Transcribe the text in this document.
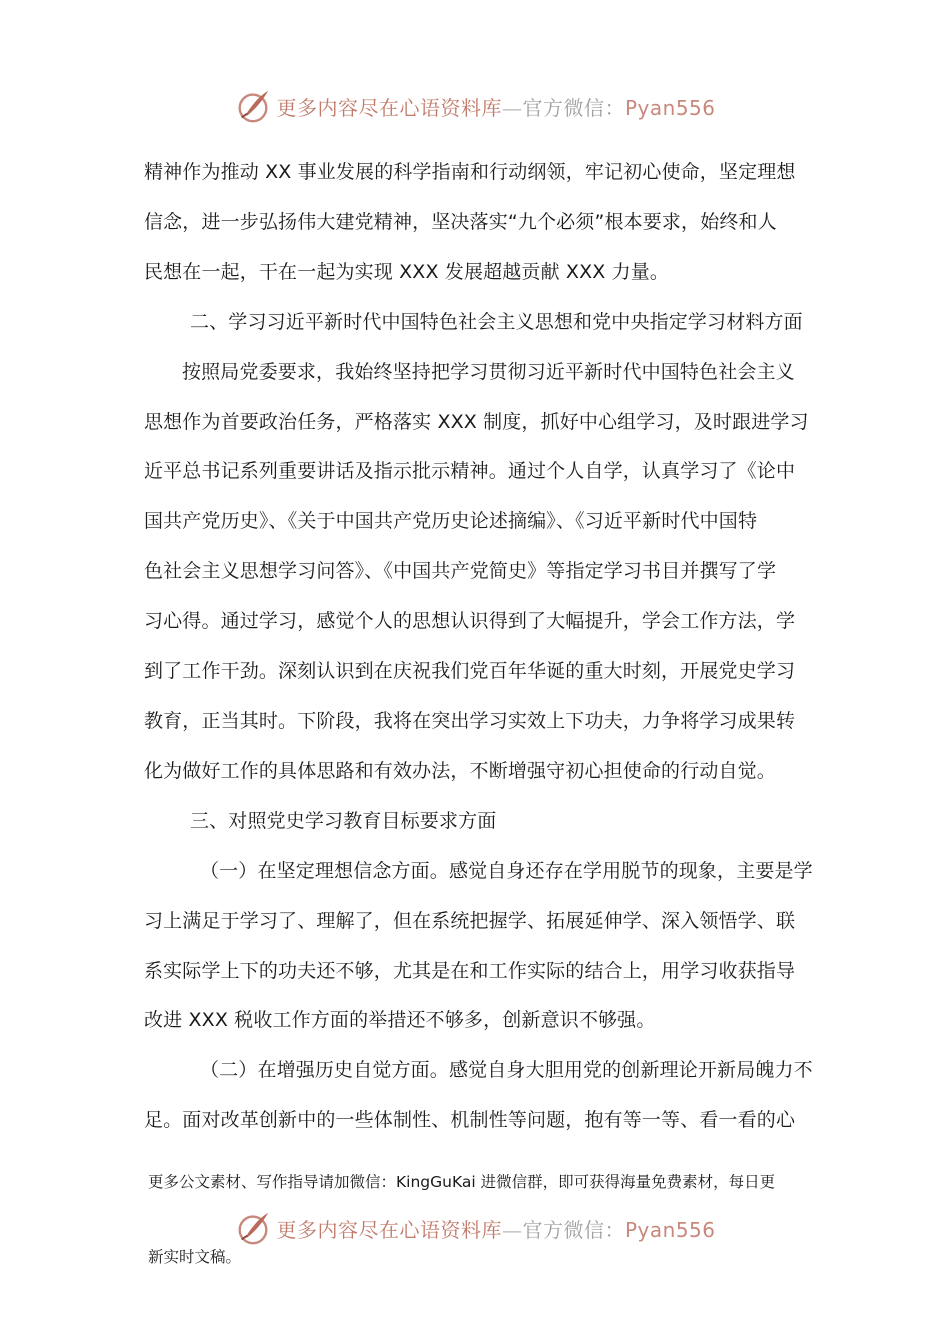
更多内容尽在心语资料库—官方微信：Pyan556

精神作为推动 XX 事业发展的科学指南和行动纲领，牢记初心使命，坚定理想

信念，进一步弘扬伟大建党精神，坚决落实“九个必须”根本要求，始终和人

民想在一起，干在一起为实现 XXX 发展超越贡献 XXX 力量。

二、学习习近平新时代中国特色社会主义思想和党中央指定学习材料方面

按照局党委要求，我始终坚持把学习贯彻习近平新时代中国特色社会主义

思想作为首要政治任务，严格落实 XXX 制度，抓好中心组学习，及时跟进学习

近平总书记系列重要讲话及指示批示精神。通过个人自学，认真学习了《论中

国共产党历史》、《关于中国共产党历史论述摘编》、《习近平新时代中国特

色社会主义思想学习问答》、《中国共产党简史》等指定学习书目并撰写了学

习心得。通过学习，感觉个人的思想认识得到了大幅提升，学会工作方法，学

到了工作干劲。深刻认识到在庆祝我们党百年华诞的重大时刻，开展党史学习

教育，正当其时。下阶段，我将在突出学习实效上下功夫，力争将学习成果转

化为做好工作的具体思路和有效办法，不断增强守初心担使命的行动自觉。

三、对照党史学习教育目标要求方面

（一）在坚定理想信念方面。感觉自身还存在学用脱节的现象，主要是学

习上满足于学习了、理解了，但在系统把握学、拓展延伸学、深入领悟学、联

系实际学上下的功夫还不够，尤其是在和工作实际的结合上，用学习收获指导

改进 XXX 税收工作方面的举措还不够多，创新意识不够强。

（二）在增强历史自觉方面。感觉自身大胆用党的创新理论开新局魄力不

足。面对改革创新中的一些体制性、机制性等问题，抱有等一等、看一看的心

更多公文素材、写作指导请加微信：KingGuKai 进微信群，即可获得海量免费素材，每日更
更多内容尽在心语资料库—官方微信：Pyan556
新实时文稿。
